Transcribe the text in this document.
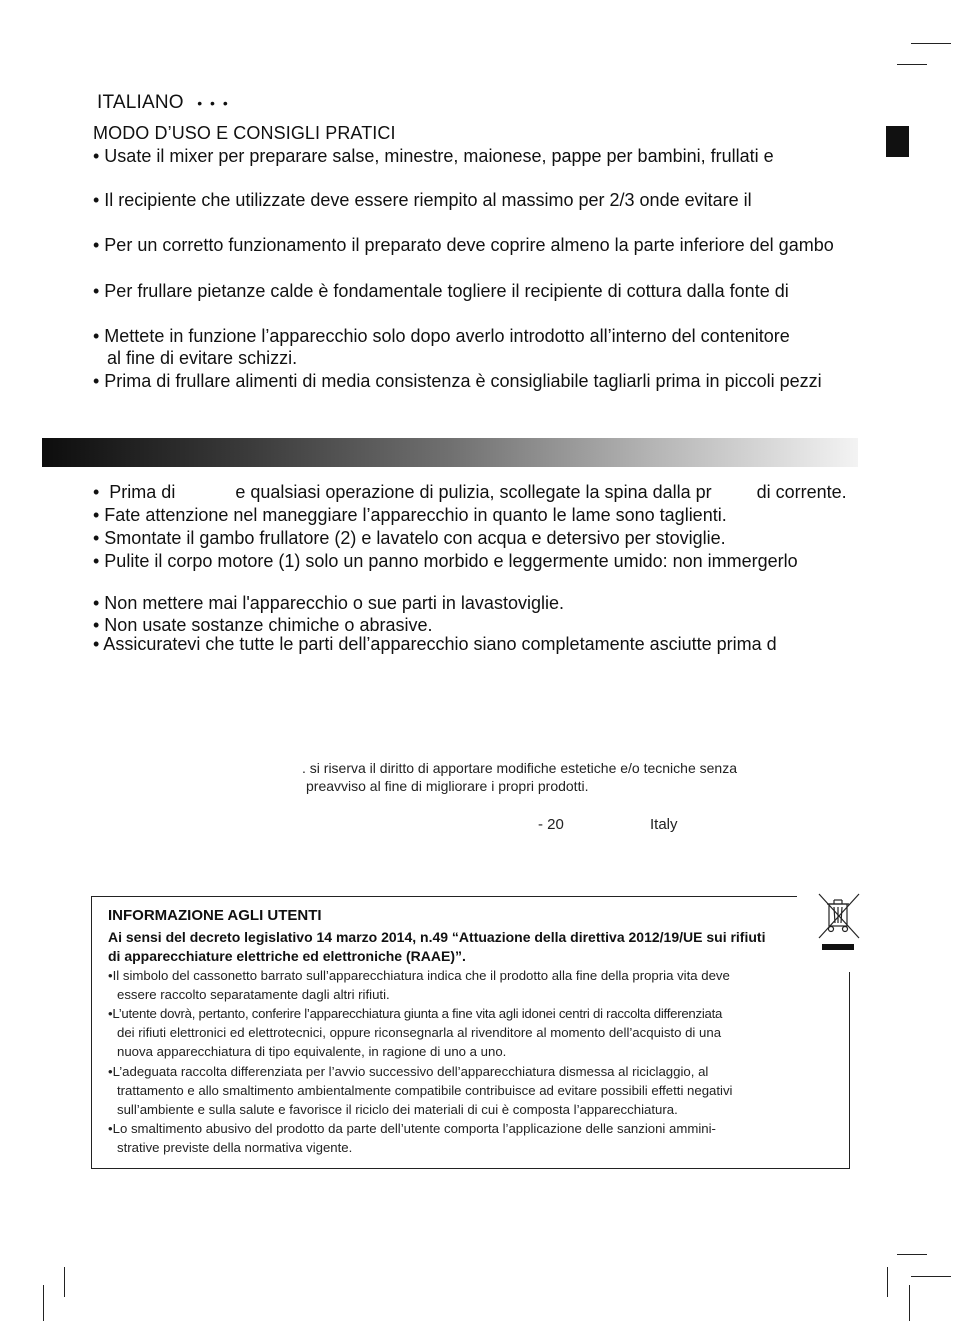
ITALIANO • • •
MODO D’USO E CONSIGLI PRATICI
• Usate il mixer per preparare salse, minestre, maionese, pappe per bambini, frullati e
• Il recipiente che utilizzate deve essere riempito al massimo per 2/3 onde evitare il
• Per un corretto funzionamento il preparato deve coprire almeno la parte inferiore del gambo
• Per frullare pietanze calde è fondamentale togliere il recipiente di cottura dalla fonte di
• Mettete in funzione l’apparecchio solo dopo averlo introdotto all’interno del contenitore
al fine di evitare schizzi.
• Prima di frullare alimenti di media consistenza è consigliabile tagliarli prima in piccoli pezzi
•  Prima di            e qualsiasi operazione di pulizia, scollegate la spina dalla pr         di corrente.
• Fate attenzione nel maneggiare l’apparecchio in quanto le lame sono taglienti.
• Smontate il gambo frullatore (2) e lavatelo con acqua e detersivo per stoviglie.
• Pulite il corpo motore (1) solo un panno morbido e leggermente umido: non immergerlo
• Non mettere mai l'apparecchio o sue parti in lavastoviglie.
• Non usate sostanze chimiche o abrasive.
• Assicuratevi che tutte le parti dell’apparecchio siano completamente asciutte prima d
. si riserva il diritto di apportare modifiche estetiche e/o tecniche senza
preavviso al fine di migliorare i propri prodotti.
- 20	Italy
INFORMAZIONE AGLI UTENTI
Ai sensi del decreto legislativo 14 marzo 2014, n.49 “Attuazione della direttiva 2012/19/UE sui rifiuti
di apparecchiature elettriche ed elettroniche (RAAE)”.
•Il simbolo del cassonetto barrato sull’apparecchiatura indica che il prodotto alla fine della propria vita deve
essere raccolto separatamente dagli altri rifiuti.
•L’utente dovrà, pertanto, conferire l’apparecchiatura giunta a fine vita agli idonei centri di raccolta differenziata
dei rifiuti elettronici ed elettrotecnici, oppure riconsegnarla al rivenditore al momento dell’acquisto di una
nuova apparecchiatura di tipo equivalente, in ragione di uno a uno.
•L’adeguata raccolta differenziata per l’avvio successivo dell’apparecchiatura dismessa al riciclaggio, al
trattamento e allo smaltimento ambientalmente compatibile contribuisce ad evitare possibili effetti negativi
sull’ambiente e sulla salute e favorisce il riciclo dei materiali di cui è composta l’apparecchiatura.
•Lo smaltimento abusivo del prodotto da parte dell’utente comporta l’applicazione delle sanzioni ammini-
strative previste della normativa vigente.
